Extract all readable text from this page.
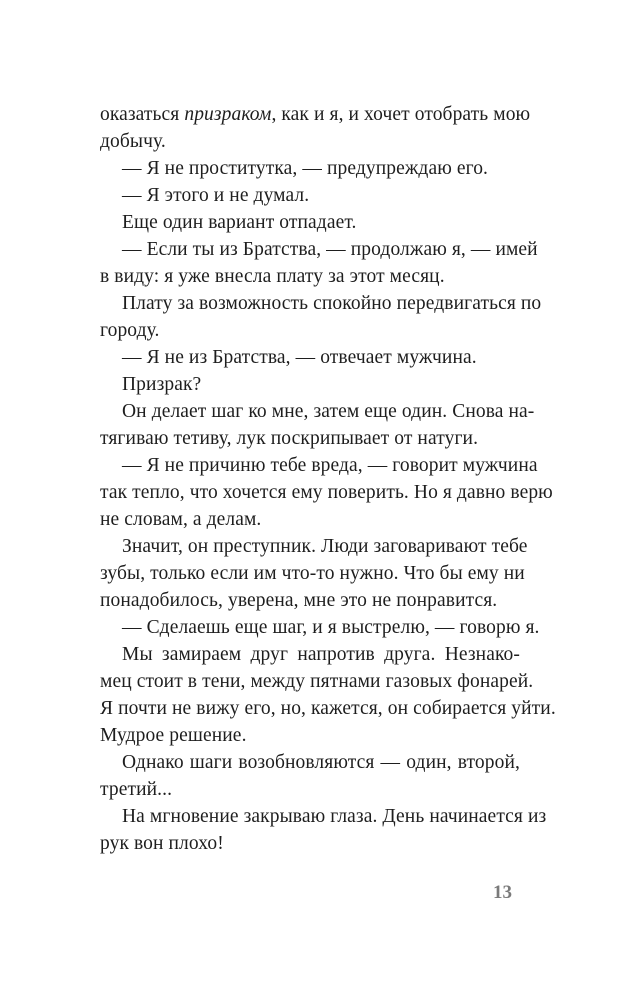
оказаться призраком, как и я, и хочет отобрать мою
добычу.
— Я не проститутка, — предупреждаю его.
— Я этого и не думал.
Еще один вариант отпадает.
— Если ты из Братства, — продолжаю я, — имей
в виду: я уже внесла плату за этот месяц.
Плату за возможность спокойно передвигаться по
городу.
— Я не из Братства, — отвечает мужчина.
Призрак?
Он делает шаг ко мне, затем еще один. Снова на-
тягиваю тетиву, лук поскрипывает от натуги.
— Я не причиню тебе вреда, — говорит мужчина
так тепло, что хочется ему поверить. Но я давно верю
не словам, а делам.
Значит, он преступник. Люди заговаривают тебе
зубы, только если им что-то нужно. Что бы ему ни
понадобилось, уверена, мне это не понравится.
— Сделаешь еще шаг, и я выстрелю, — говорю я.
Мы замираем друг напротив друга. Незнако-
мец стоит в тени, между пятнами газовых фонарей.
Я почти не вижу его, но, кажется, он собирается уйти.
Мудрое решение.
Однако шаги возобновляются — один, второй,
третий...
На мгновение закрываю глаза. День начинается из
рук вон плохо!
13
